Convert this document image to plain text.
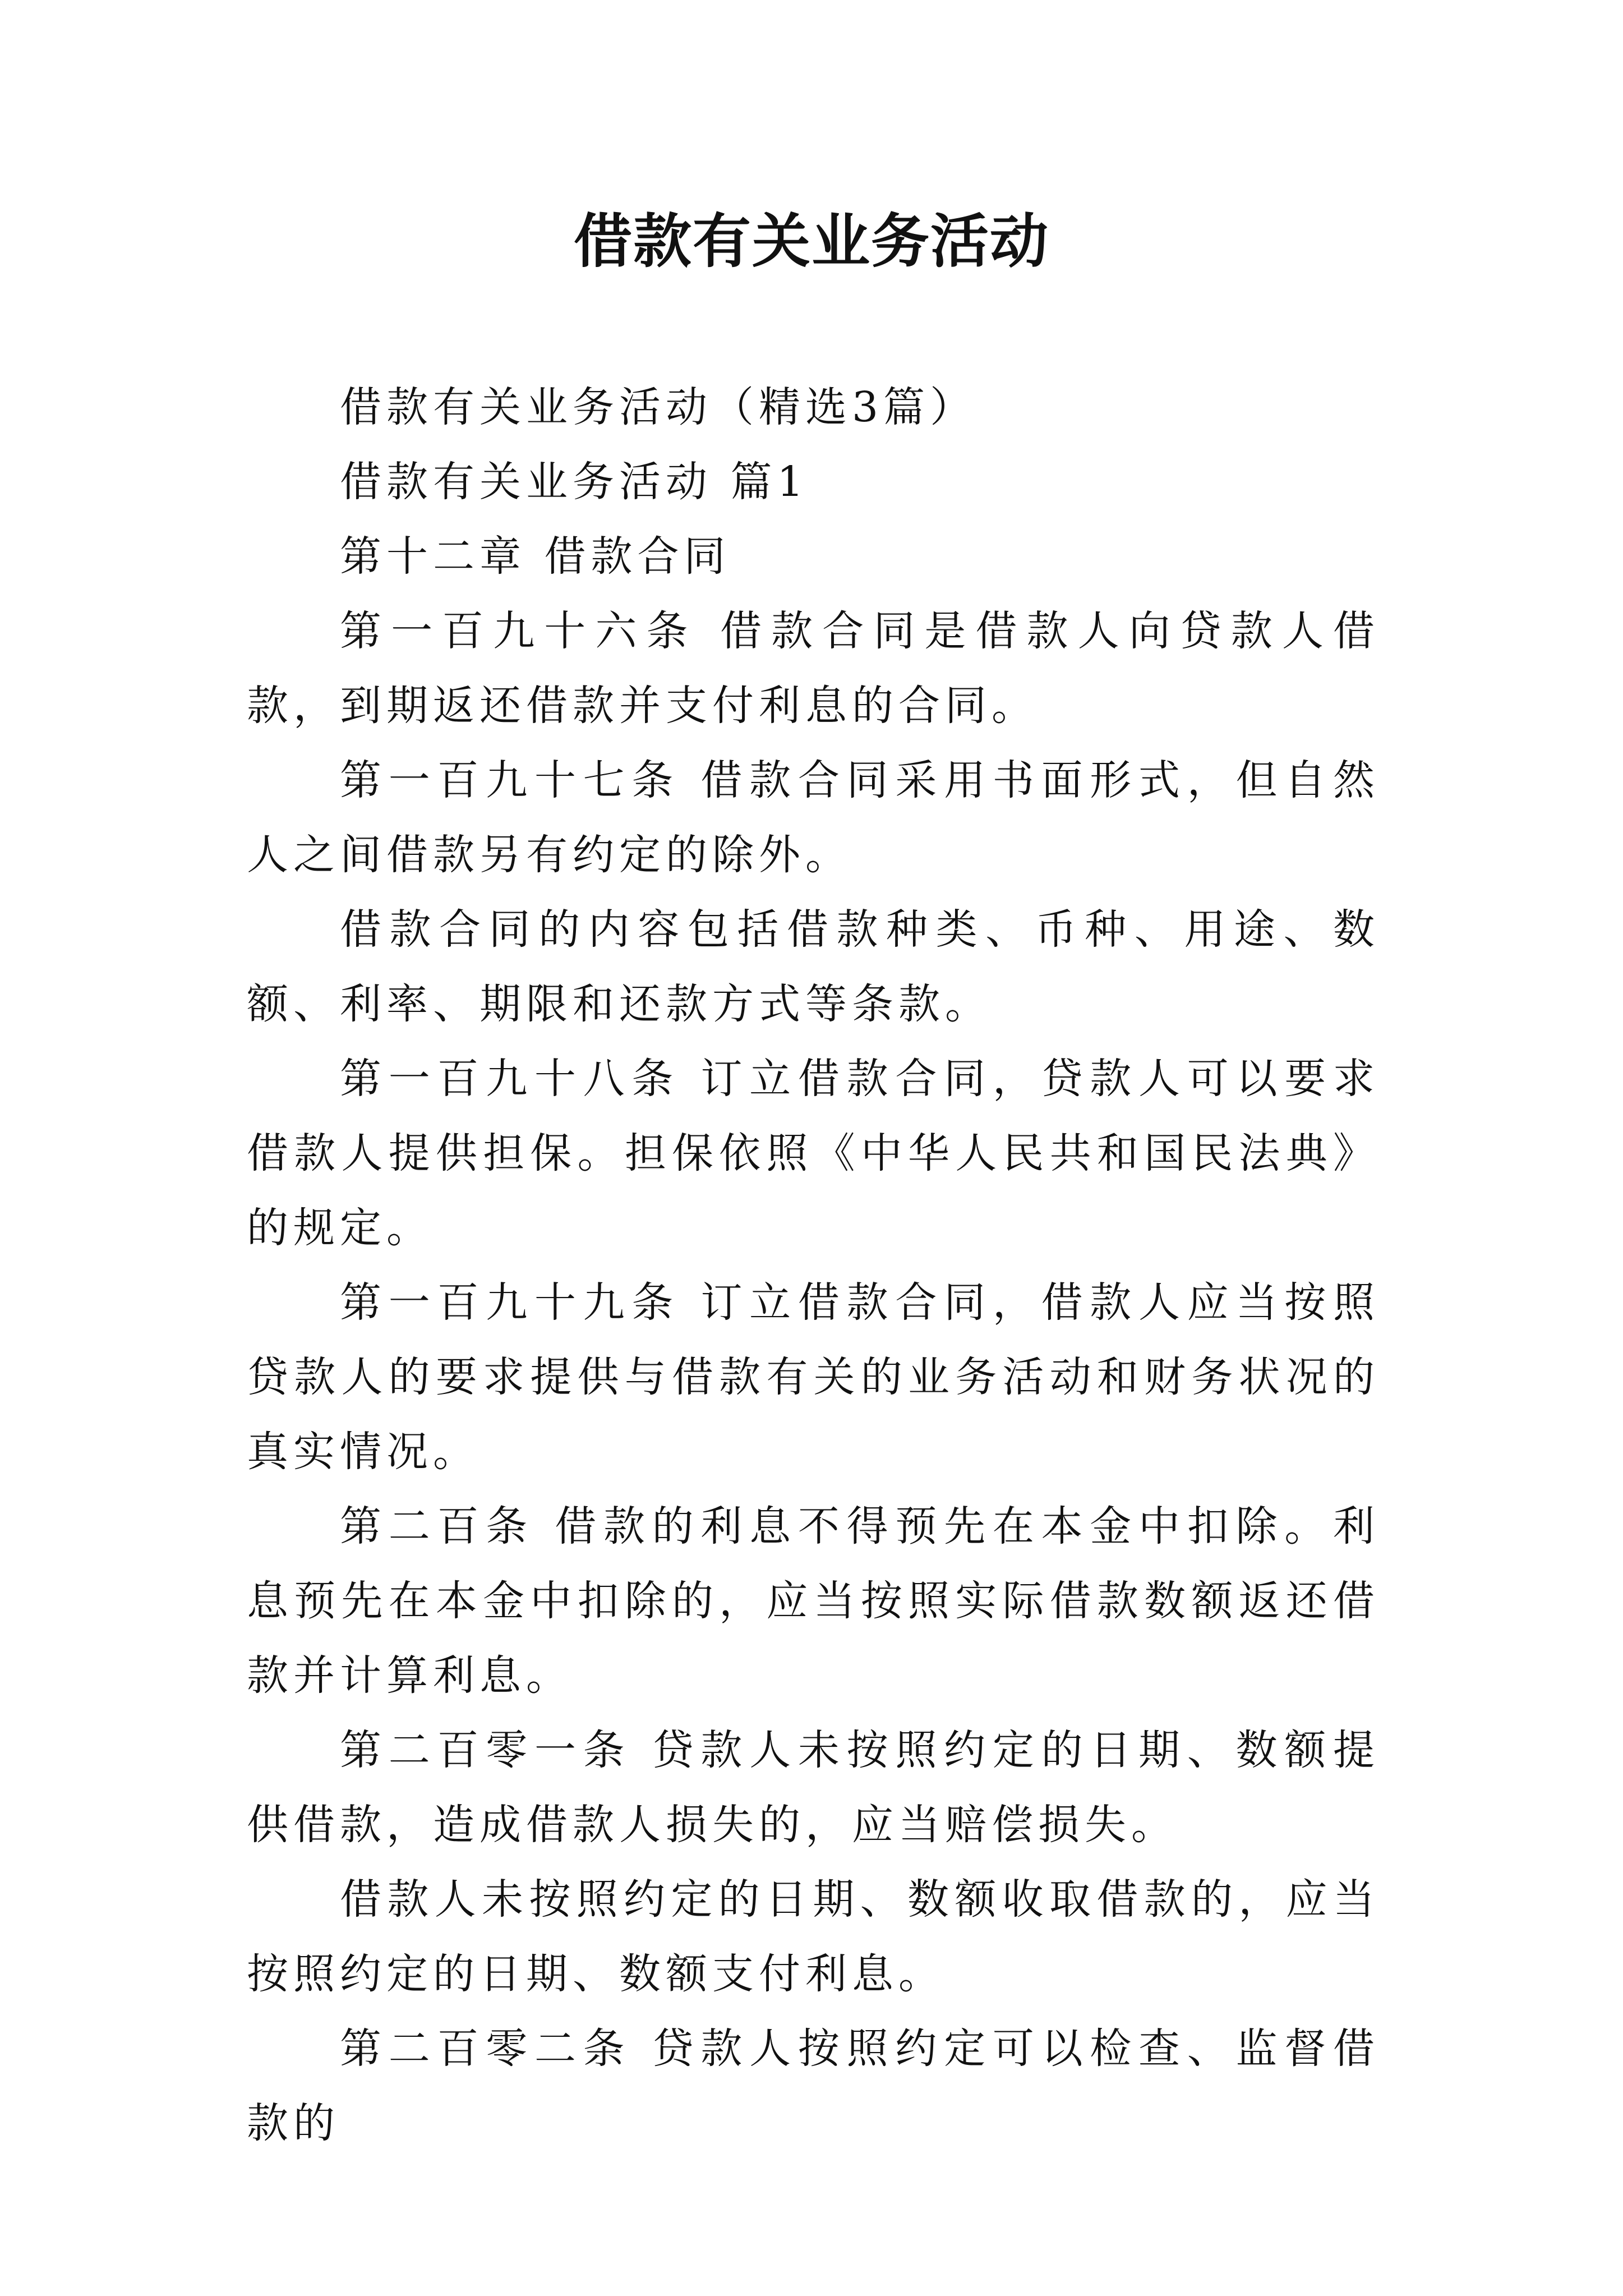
借款有关业务活动

借款有关业务活动（精选3篇）

借款有关业务活动 篇1

第十二章 借款合同

第一百九十六条 借款合同是借款人向贷款人借款，到期返还借款并支付利息的合同。

第一百九十七条 借款合同采用书面形式，但自然人之间借款另有约定的除外。

借款合同的内容包括借款种类、币种、用途、数额、利率、期限和还款方式等条款。

第一百九十八条 订立借款合同，贷款人可以要求借款人提供担保。担保依照《中华人民共和国民法典》的规定。

第一百九十九条 订立借款合同，借款人应当按照贷款人的要求提供与借款有关的业务活动和财务状况的真实情况。

第二百条 借款的利息不得预先在本金中扣除。利息预先在本金中扣除的，应当按照实际借款数额返还借款并计算利息。

第二百零一条 贷款人未按照约定的日期、数额提供借款，造成借款人损失的，应当赔偿损失。

借款人未按照约定的日期、数额收取借款的，应当按照约定的日期、数额支付利息。

第二百零二条 贷款人按照约定可以检查、监督借款的
